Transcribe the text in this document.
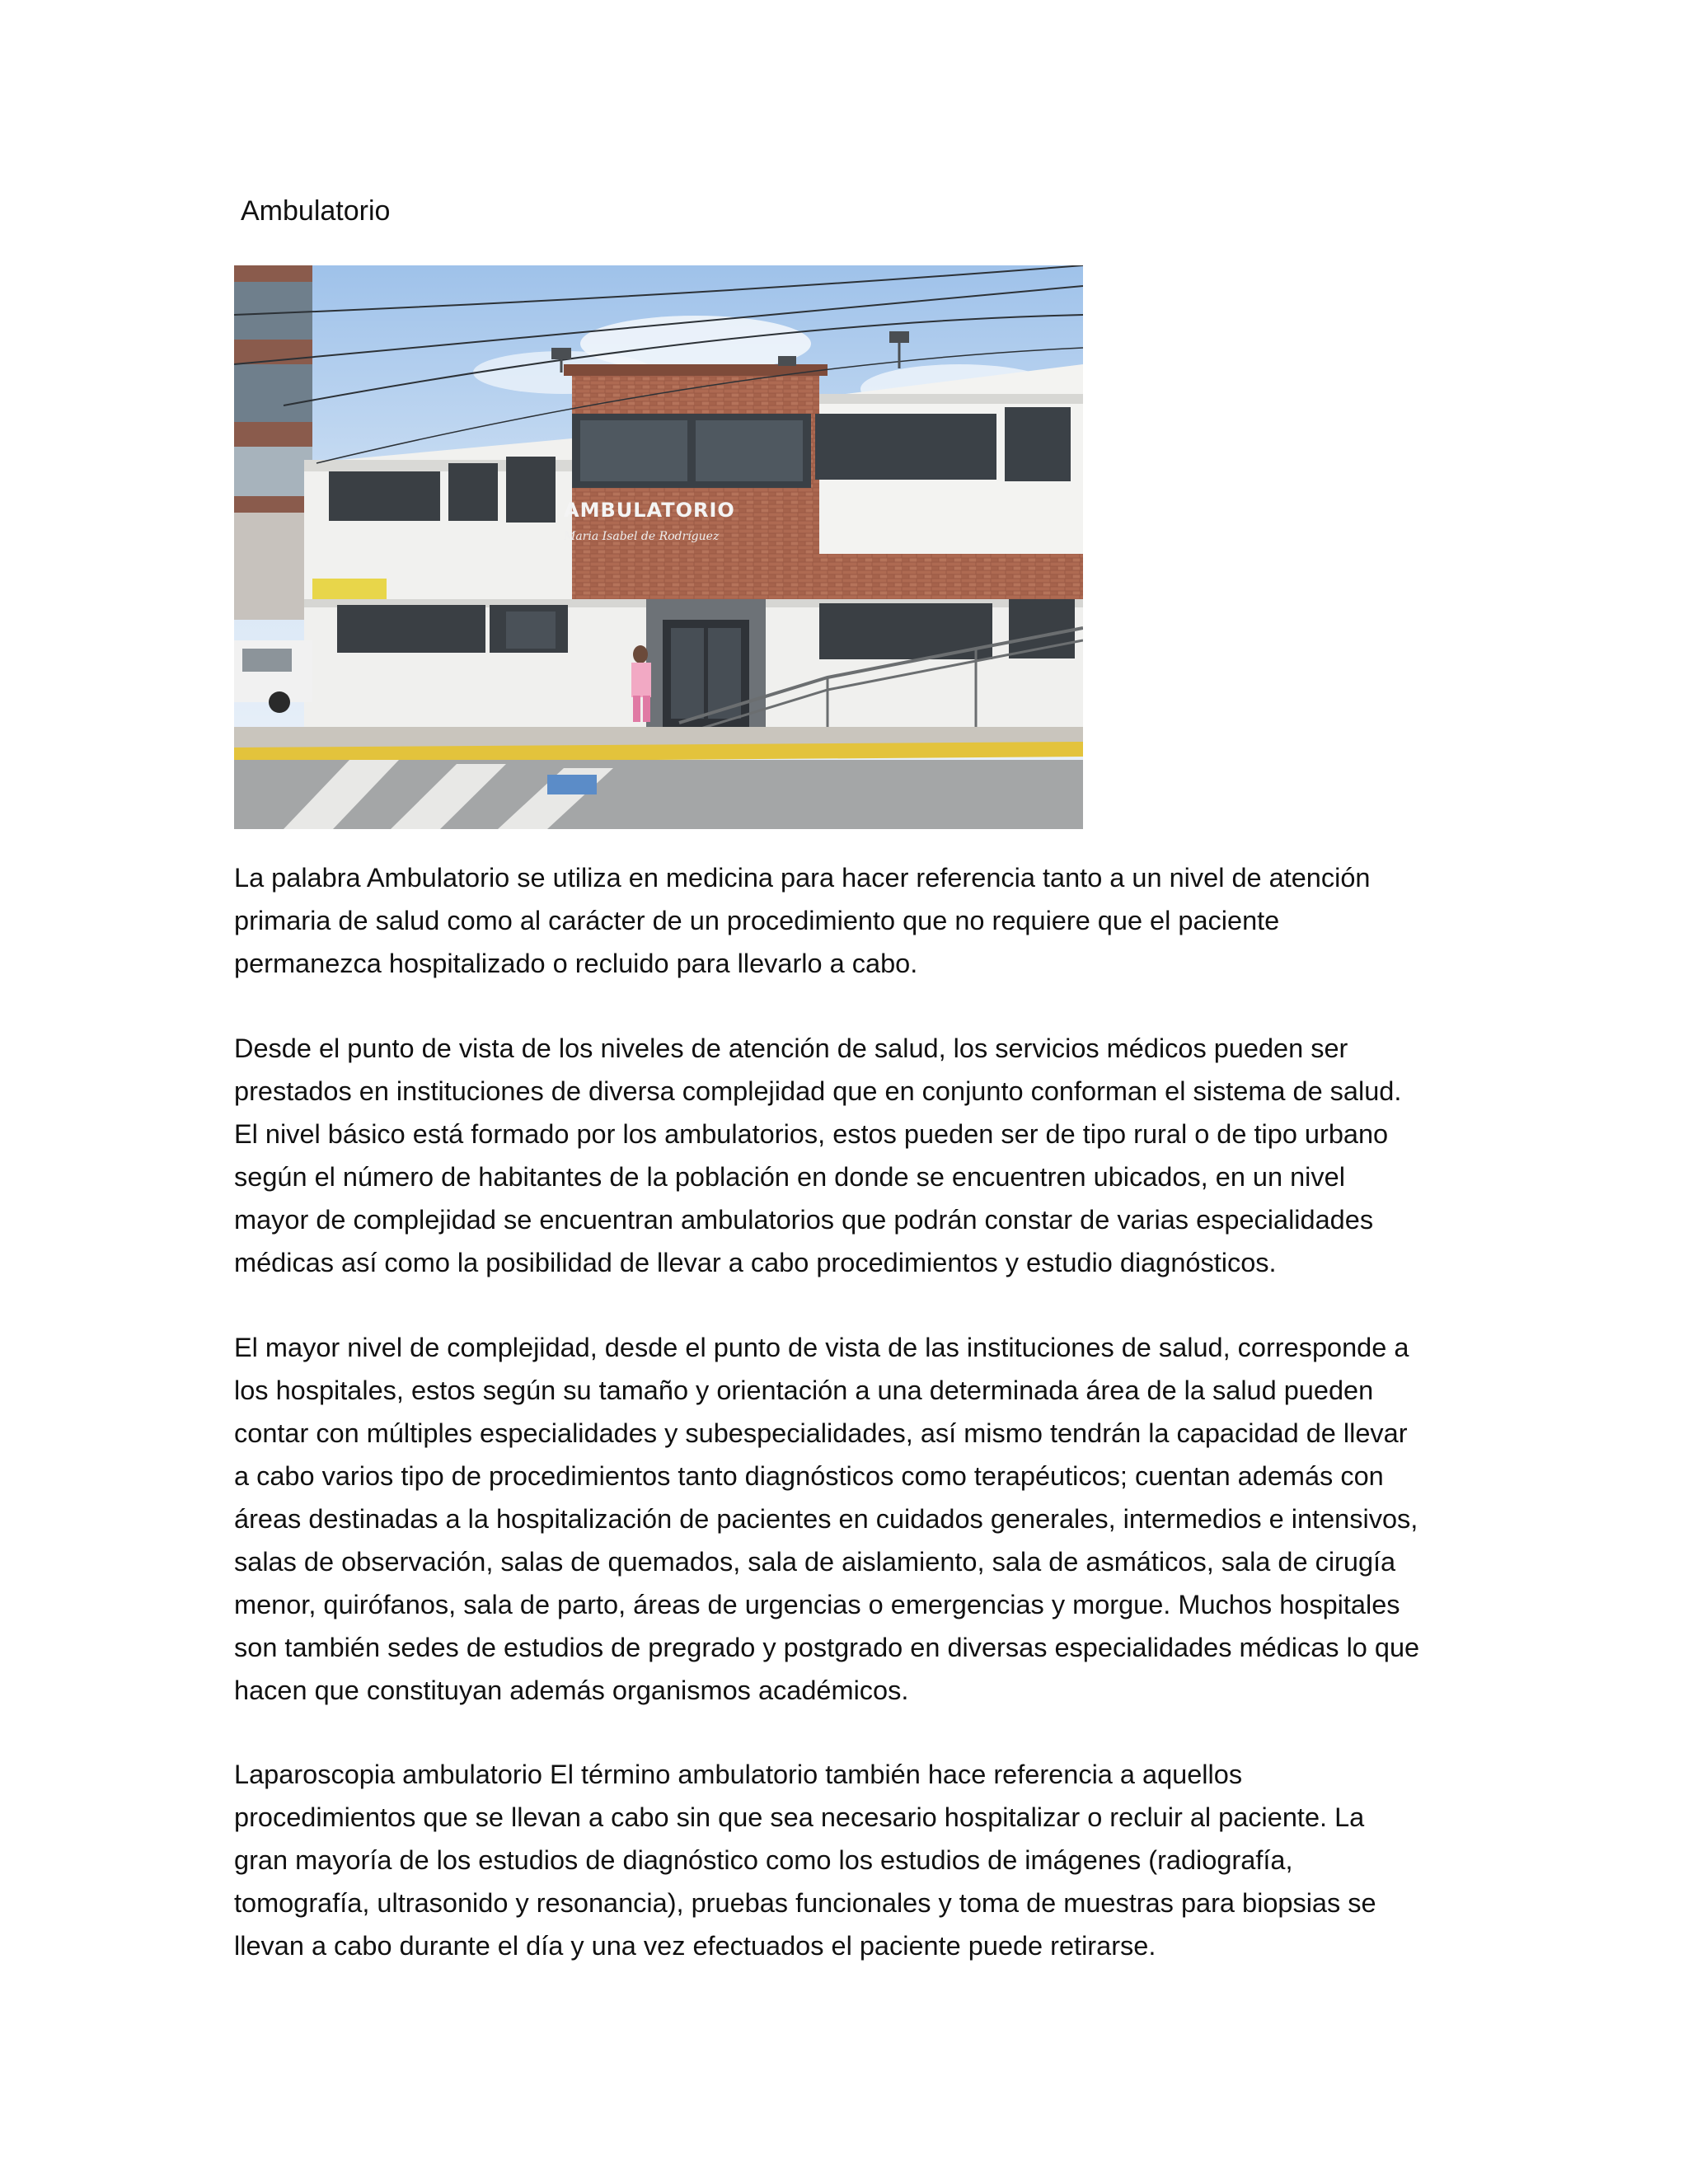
Ambulatorio
AMBULATORIO
Maria Isabel de Rodríguez
La palabra Ambulatorio se utiliza en medicina para hacer referencia tanto a un nivel de atención
primaria de salud como al carácter de un procedimiento que no requiere que el paciente
permanezca hospitalizado o recluido para llevarlo a cabo.
Desde el punto de vista de los niveles de atención de salud, los servicios médicos pueden ser
prestados en instituciones de diversa complejidad que en conjunto conforman el sistema de salud.
El nivel básico está formado por los ambulatorios, estos pueden ser de tipo rural o de tipo urbano
según el número de habitantes de la población en donde se encuentren ubicados, en un nivel
mayor de complejidad se encuentran ambulatorios que podrán constar de varias especialidades
médicas así como la posibilidad de llevar a cabo procedimientos y estudio diagnósticos.
El mayor nivel de complejidad, desde el punto de vista de las instituciones de salud, corresponde a
los hospitales, estos según su tamaño y orientación a una determinada área de la salud pueden
contar con múltiples especialidades y subespecialidades, así mismo tendrán la capacidad de llevar
a cabo varios tipo de procedimientos tanto diagnósticos como terapéuticos; cuentan además con
áreas destinadas a la hospitalización de pacientes en cuidados generales, intermedios e intensivos,
salas de observación, salas de quemados, sala de aislamiento, sala de asmáticos, sala de cirugía
menor, quirófanos, sala de parto, áreas de urgencias o emergencias y morgue. Muchos hospitales
son también sedes de estudios de pregrado y postgrado en diversas especialidades médicas lo que
hacen que constituyan además organismos académicos.
Laparoscopia ambulatorio El término ambulatorio también hace referencia a aquellos
procedimientos que se llevan a cabo sin que sea necesario hospitalizar o recluir al paciente. La
gran mayoría de los estudios de diagnóstico como los estudios de imágenes (radiografía,
tomografía, ultrasonido y resonancia), pruebas funcionales y toma de muestras para biopsias se
llevan a cabo durante el día y una vez efectuados el paciente puede retirarse.
